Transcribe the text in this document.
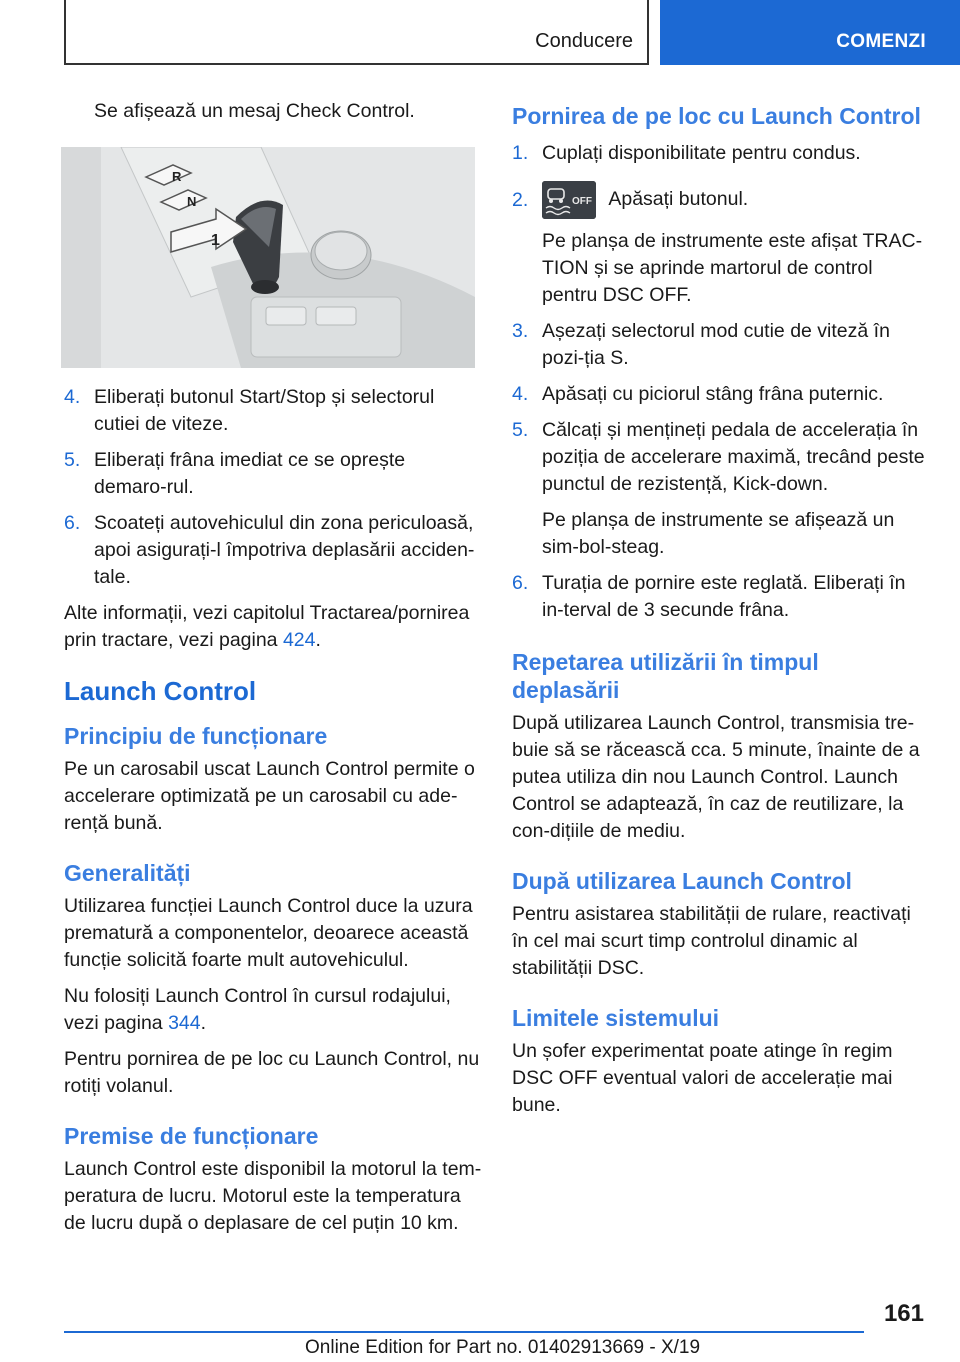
Conducere	COMENZI

Se afișează un mesaj Check Control.

R
N
1
4. Eliberați butonul Start/Stop și selectorul cutiei de viteze.
5. Eliberați frâna imediat ce se oprește demaro-rul.
6. Scoateți autovehiculul din zona periculoasă, apoi asigurați-l împotriva deplasării acciden-tale.

Alte informații, vezi capitolul Tractarea/pornirea prin tractare, vezi pagina 424.

Launch Control
Principiu de funcționare

Pe un carosabil uscat Launch Control permite o accelerare optimizată pe un carosabil cu ade-rență bună.

Generalități

Utilizarea funcției Launch Control duce la uzura prematură a componentelor, deoarece această funcție solicită foarte mult autovehiculul.

Nu folosiți Launch Control în cursul rodajului, vezi pagina 344.

Pentru pornirea de pe loc cu Launch Control, nu rotiți volanul.

Premise de funcționare

Launch Control este disponibil la motorul la tem-peratura de lucru. Motorul este la temperatura de lucru după o deplasare de cel puțin 10 km.

Pornirea de pe loc cu Launch Control
1. Cuplați disponibilitate pentru condus.
2.	OFF Apăsați butonul.

Pe planșa de instrumente este afișat TRAC-TION și se aprinde martorul de control pentru DSC OFF.

3. Așezați selectorul mod cutie de viteză în pozi-ția S.
4. Apăsați cu piciorul stâng frâna puternic.
5. Călcați și mențineți pedala de accelerația în poziția de accelerare maximă, trecând peste punctul de rezistență, Kick-down.

Pe planșa de instrumente se afișează un sim-bol-steag.

6. Turația de pornire este reglată. Eliberați în in-terval de 3 secunde frâna.
Repetarea utilizării în timpul deplasării

După utilizarea Launch Control, transmisia tre-buie să se răcească cca. 5 minute, înainte de a putea utiliza din nou Launch Control. Launch Control se adaptează, în caz de reutilizare, la con-dițiile de mediu.

După utilizarea Launch Control

Pentru asistarea stabilității de rulare, reactivați în cel mai scurt timp controlul dinamic al stabilității DSC.

Limitele sistemului

Un șofer experimentat poate atinge în regim DSC OFF eventual valori de accelerație mai bune.

161
Online Edition for Part no. 01402913669 - X/19
